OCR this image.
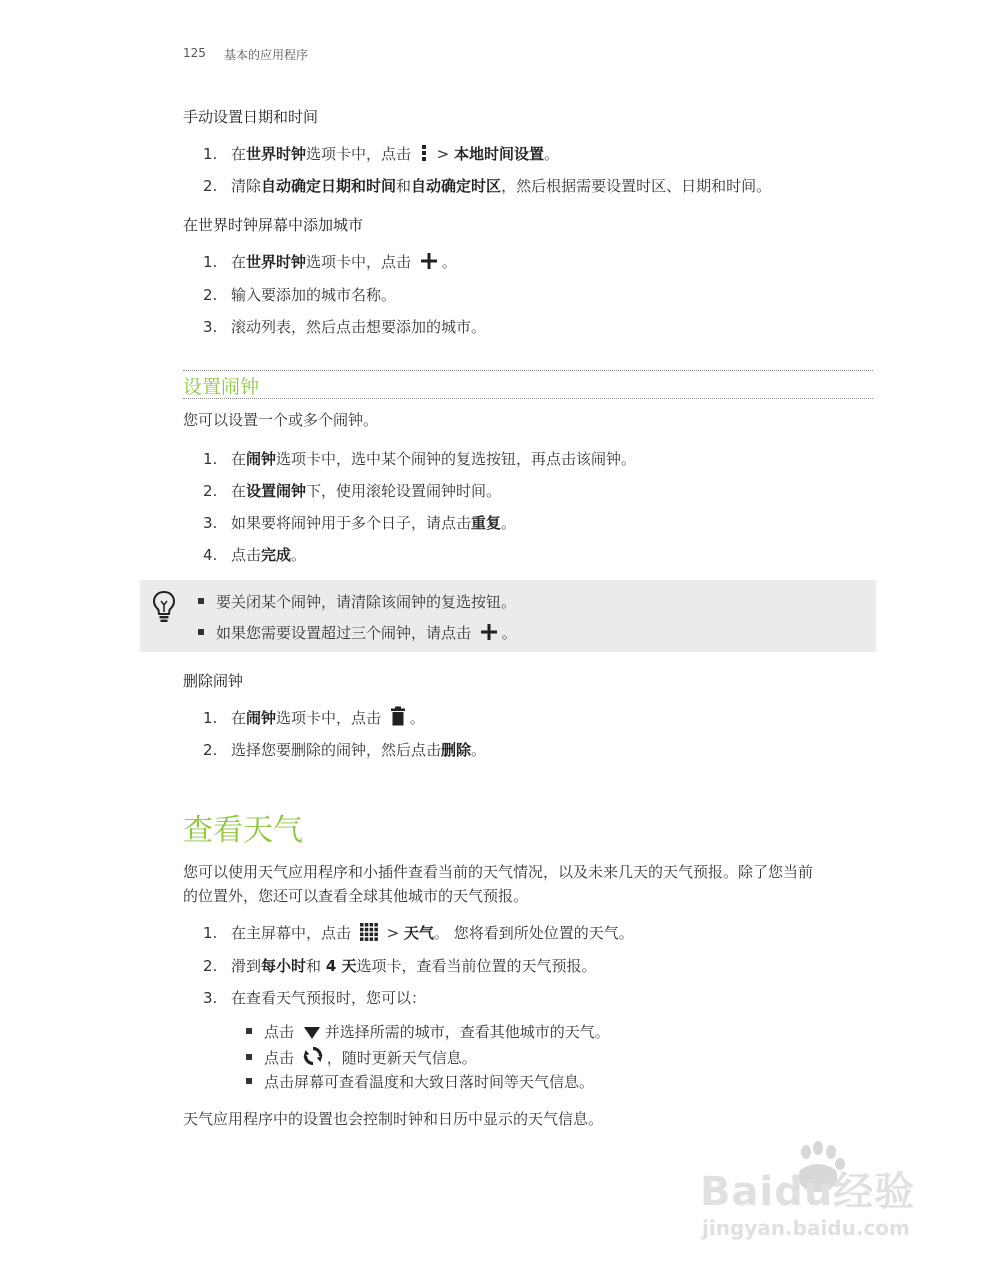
125 基本的应用程序
手动设置日期和时间
1. 在世界时钟选项卡中，点击  > 本地时间设置。
2. 清除自动确定日期和时间和自动确定时区，然后根据需要设置时区、日期和时间。
在世界时钟屏幕中添加城市
1. 在世界时钟选项卡中，点击 。
2. 输入要添加的城市名称。
3. 滚动列表，然后点击想要添加的城市。
设置闹钟
您可以设置一个或多个闹钟。
1. 在闹钟选项卡中，选中某个闹钟的复选按钮，再点击该闹钟。
2. 在设置闹钟下，使用滚轮设置闹钟时间。
3. 如果要将闹钟用于多个日子，请点击重复。
4. 点击完成。
要关闭某个闹钟，请清除该闹钟的复选按钮。
如果您需要设置超过三个闹钟，请点击 。
删除闹钟
1. 在闹钟选项卡中，点击 。
2. 选择您要删除的闹钟，然后点击删除。
查看天气
您可以使用天气应用程序和小插件查看当前的天气情况，以及未来几天的天气预报。除了您当前
的位置外，您还可以查看全球其他城市的天气预报。
1. 在主屏幕中，点击  > 天气。 您将看到所处位置的天气。
2. 滑到每小时和 4 天选项卡，查看当前位置的天气预报。
3. 在查看天气预报时，您可以：
点击 并选择所需的城市，查看其他城市的天气。
点击 ，随时更新天气信息。
点击屏幕可查看温度和大致日落时间等天气信息。
天气应用程序中的设置也会控制时钟和日历中显示的天气信息。
Baidu经验
jingyan.baidu.com
